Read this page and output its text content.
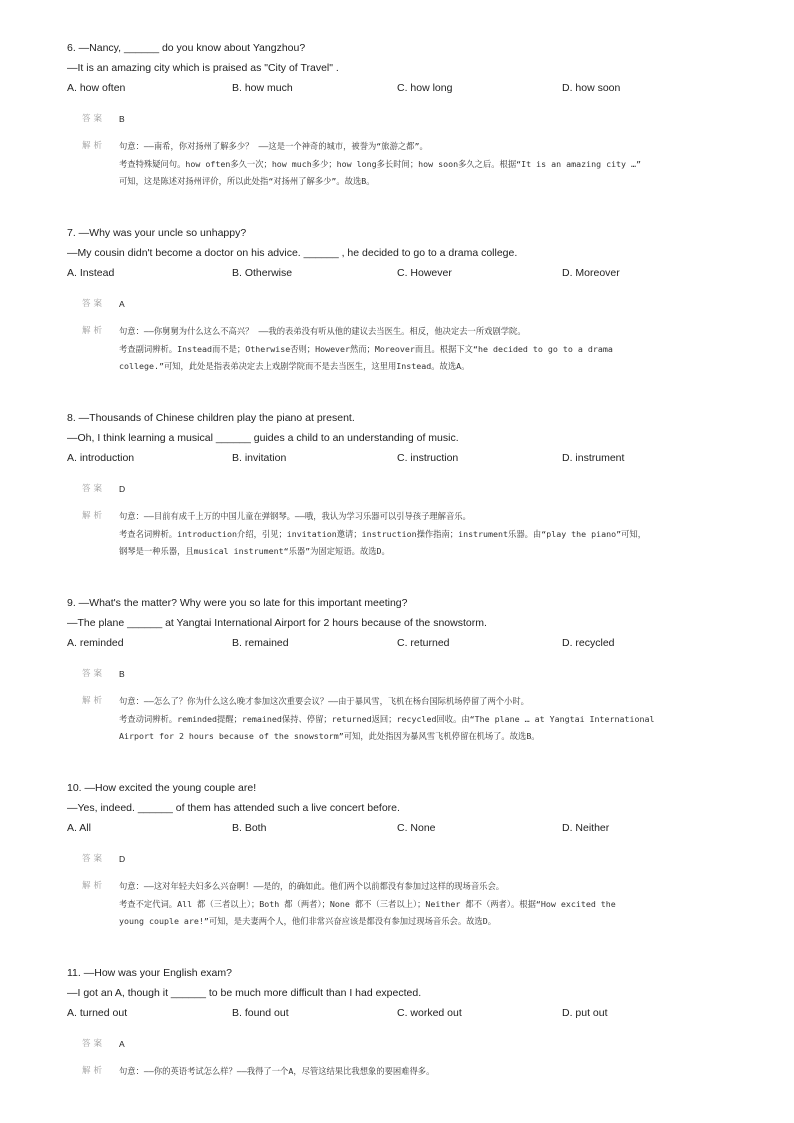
6. —Nancy, ______ do you know about Yangzhou?
—It is an amazing city which is praised as "City of Travel" .
A. how often	B. how much	C. how long	D. how soon
答案 B
解析 句意：——南希，你对扬州了解多少？ ——这是一个神奇的城市，被誉为“旅游之都”。
考查特殊疑问句。how often多久一次；how much多少；how long多长时间；how soon多久之后。根据“It is an amazing city …”
可知，这是陈述对扬州评价，所以此处指“对扬州了解多少”。故选B。
7. —Why was your uncle so unhappy?
—My cousin didn't become a doctor on his advice. ______ , he decided to go to a drama college.
A. Instead	B. Otherwise	C. However	D. Moreover
答案 A
解析 句意：——你舅舅为什么这么不高兴？ ——我的表弟没有听从他的建议去当医生。相反，他决定去一所戏剧学院。
考查副词辨析。Instead而不是；Otherwise否则；However然而；Moreover而且。根据下文“he decided to go to a drama
college.”可知，此处是指表弟决定去上戏剧学院而不是去当医生，这里用Instead。故选A。
8. —Thousands of Chinese children play the piano at present.
—Oh, I think learning a musical ______ guides a child to an understanding of music.
A. introduction	B. invitation	C. instruction	D. instrument
答案 D
解析 句意：——目前有成千上万的中国儿童在弹钢琴。——哦，我认为学习乐器可以引导孩子理解音乐。
考查名词辨析。introduction介绍，引见；invitation邀请；instruction操作指南；instrument乐器。由“play the piano”可知，
钢琴是一种乐器，且musical instrument“乐器”为固定短语。故选D。
9. —What's the matter? Why were you so late for this important meeting?
—The plane ______ at Yangtai International Airport for 2 hours because of the snowstorm.
A. reminded	B. remained	C. returned	D. recycled
答案 B
解析 句意：——怎么了？你为什么这么晚才参加这次重要会议？——由于暴风雪，飞机在杨台国际机场停留了两个小时。
考查动词辨析。reminded提醒；remained保持、停留；returned返回；recycled回收。由“The plane … at Yangtai International
Airport for 2 hours because of the snowstorm”可知，此处指因为暴风雪飞机停留在机场了。故选B。
10. —How excited the young couple are!
—Yes, indeed. ______ of them has attended such a live concert before.
A. All	B. Both	C. None	D. Neither
答案 D
解析 句意：——这对年轻夫妇多么兴奋啊！——是的，的确如此。他们两个以前都没有参加过这样的现场音乐会。
考查不定代词。All 都（三者以上）；Both 都（两者）；None 都不（三者以上）；Neither 都不（两者）。根据“How excited the
young couple are!”可知，是夫妻两个人，他们非常兴奋应该是都没有参加过现场音乐会。故选D。
11. —How was your English exam?
—I got an A, though it ______ to be much more difficult than I had expected.
A. turned out	B. found out	C. worked out	D. put out
答案 A
解析 句意：——你的英语考试怎么样？——我得了一个A，尽管这结果比我想象的要困难得多。
